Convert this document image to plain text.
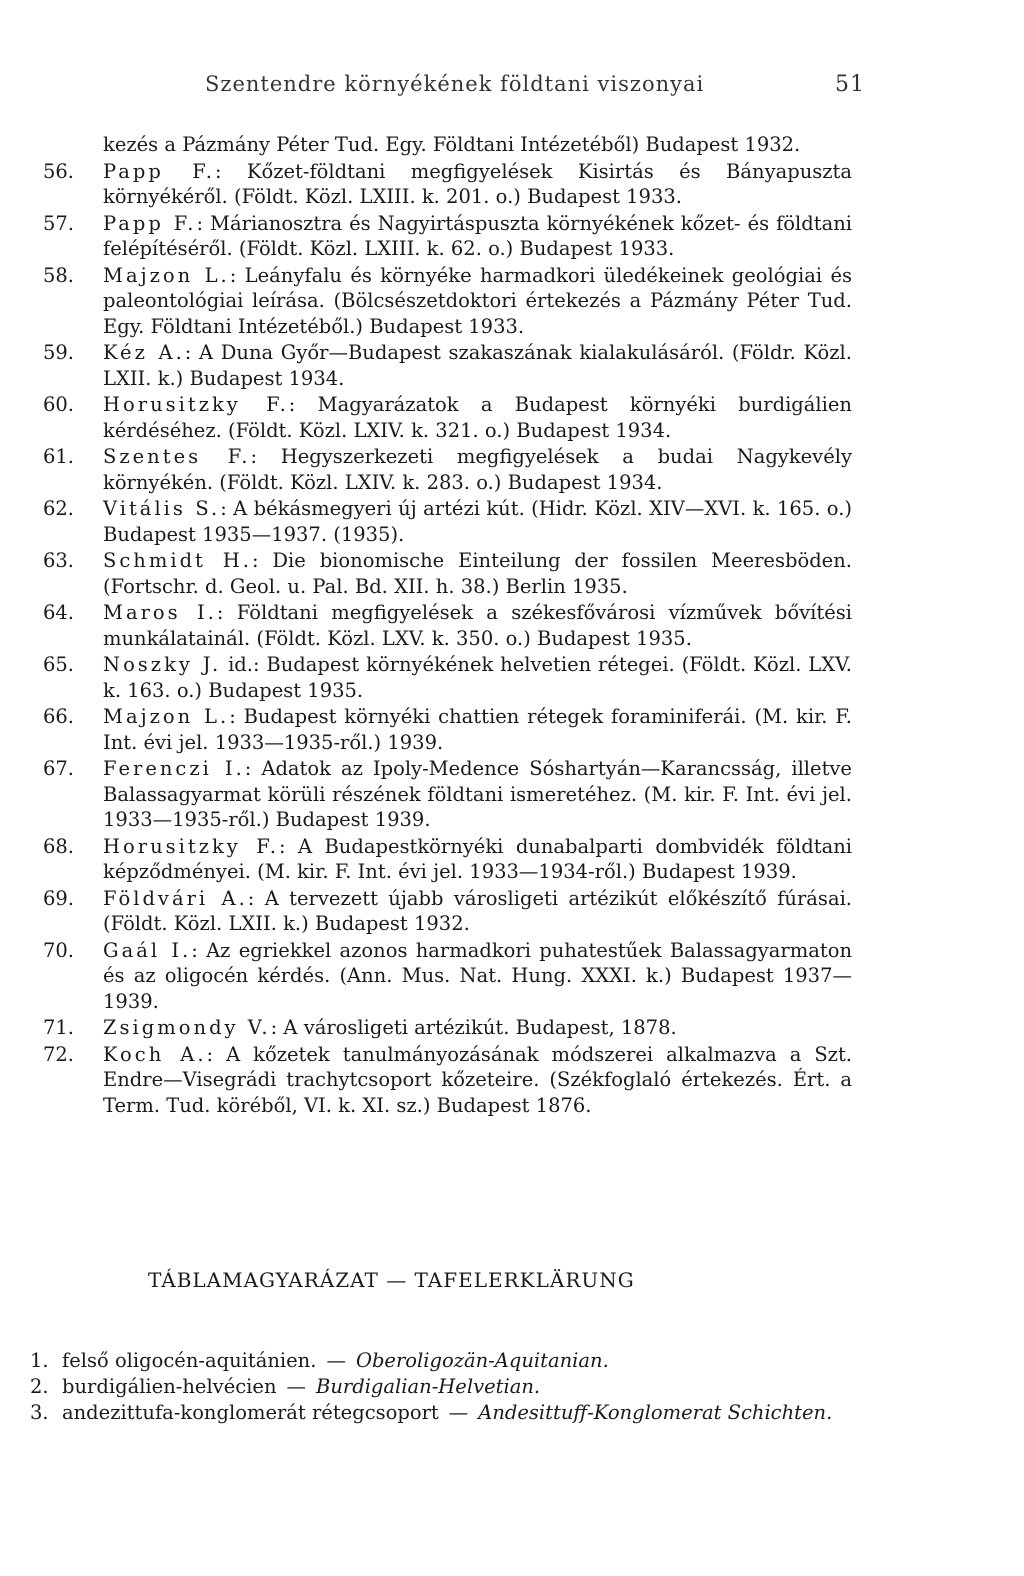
Szentendre környékének földtani viszonyai	51
kezés a Pázmány Péter Tud. Egy. Földtani Intézetéből) Budapest 1932.
56. Papp F.: Kőzet-földtani megfigyelések Kisirtás és Bányapuszta környékéről. (Földt. Közl. LXIII. k. 201. o.) Budapest 1933.
57. Papp F.: Márianosztra és Nagyirtáspuszta környékének kőzet- és földtani felépítéséről. (Földt. Közl. LXIII. k. 62. o.) Budapest 1933.
58. Majzon L.: Leányfalu és környéke harmadkori üledékeinek geológiai és paleontológiai leírása. (Bölcsészetdoktori értekezés a Pázmány Péter Tud. Egy. Földtani Intézetéből.) Budapest 1933.
59. Kéz A.: A Duna Győr—Budapest szakaszának kialakulásáról. (Földr. Közl. LXII. k.) Budapest 1934.
60. Horusitzky F.: Magyarázatok a Budapest környéki burdigálien kérdéséhez. (Földt. Közl. LXIV. k. 321. o.) Budapest 1934.
61. Szentes F.: Hegyszerkezeti megfigyelések a budai Nagykevély környékén. (Földt. Közl. LXIV. k. 283. o.) Budapest 1934.
62. Vitális S.: A békásmegyeri új artézi kút. (Hidr. Közl. XIV—XVI. k. 165. o.) Budapest 1935—1937. (1935).
63. Schmidt H.: Die bionomische Einteilung der fossilen Meeresböden. (Fortschr. d. Geol. u. Pal. Bd. XII. h. 38.) Berlin 1935.
64. Maros I.: Földtani megfigyelések a székesfővárosi vízművek bővítési munkálatainál. (Földt. Közl. LXV. k. 350. o.) Budapest 1935.
65. Noszky J. id.: Budapest környékének helvetien rétegei. (Földt. Közl. LXV. k. 163. o.) Budapest 1935.
66. Majzon L.: Budapest környéki chattien rétegek foraminiferái. (M. kir. F. Int. évi jel. 1933—1935-ről.) 1939.
67. Ferenczi I.: Adatok az Ipoly-Medence Sóshartyán—Karancsság, illetve Balassagyarmat körüli részének földtani ismeretéhez. (M. kir. F. Int. évi jel. 1933—1935-ről.) Budapest 1939.
68. Horusitzky F.: A Budapestkörnyéki dunabalparti dombvidék földtani képződményei. (M. kir. F. Int. évi jel. 1933—1934-ről.) Budapest 1939.
69. Földvári A.: A tervezett újabb városligeti artézikút előkészítő fúrásai. (Földt. Közl. LXII. k.) Budapest 1932.
70. Gaál I.: Az egriekkel azonos harmadkori puhatestűek Balassagyarmaton és az oligocén kérdés. (Ann. Mus. Nat. Hung. XXXI. k.) Budapest 1937—1939.
71. Zsigmondy V.: A városligeti artézikút. Budapest, 1878.
72. Koch A.: A kőzetek tanulmányozásának módszerei alkalmazva a Szt. Endre—Visegrádi trachytcsoport kőzeteire. (Székfoglaló értekezés. Ért. a Term. Tud. köréből, VI. k. XI. sz.) Budapest 1876.
TÁBLAMAGYARÁZAT — TAFELERKLÄRUNG
1. felső oligocén-aquitánien. — Oberoligozän-Aquitanian.
2. burdigálien-helvécien — Burdigalian-Helvetian.
3. andezittufa-konglomerát rétegcsoport — Andesittuff-Konglomerat Schichten.
